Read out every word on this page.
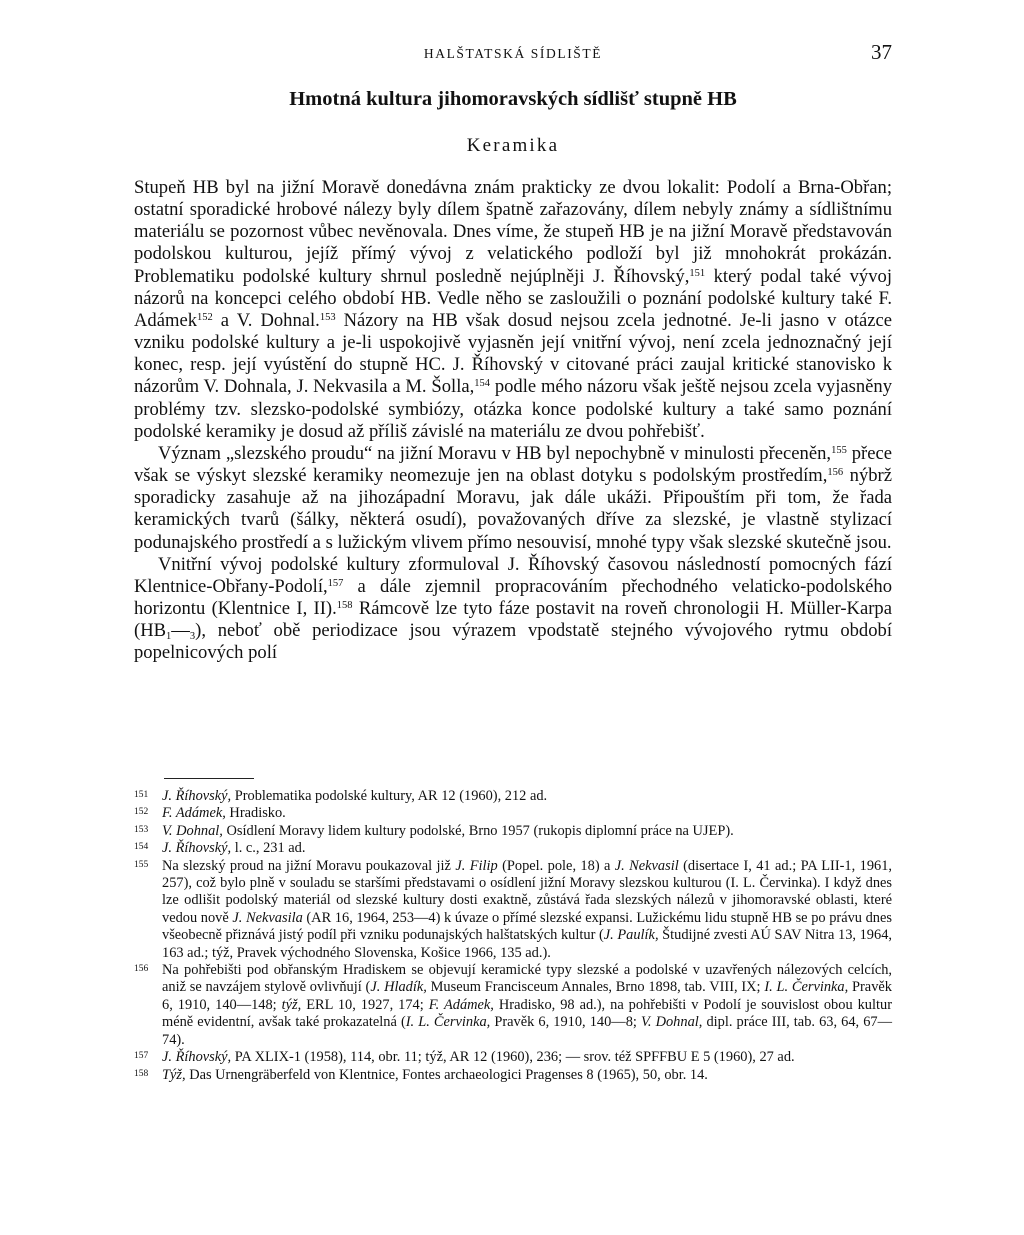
HALŠTATSKÁ SÍDLIŠTĚ	37
Hmotná kultura jihomoravských sídlišť stupně HB
Keramika

Stupeň HB byl na jižní Moravě donedávna znám prakticky ze dvou lokalit: Podolí a Brna-Obřan; ostatní sporadické hrobové nálezy byly dílem špatně zařazovány, dílem nebyly známy a sídlištnímu materiálu se pozornost vůbec nevěnovala. Dnes víme, že stupeň HB je na jižní Moravě představován podolskou kulturou, jejíž přímý vývoj z velatického podloží byl již mnohokrát prokázán. Problematiku podolské kultury shrnul posledně nejúplněji J. Říhovský,$^{151}$ který podal také vývoj názorů na koncepci celého období HB. Vedle něho se zasloužili o poznání podolské kultury také F. Adámek$^{152}$ a V. Dohnal.$^{153}$ Názory na HB však dosud nejsou zcela jednotné. Je-li jasno v otázce vzniku podolské kultury a je-li uspokojivě vyjasněn její vnitřní vývoj, není zcela jednoznačný její konec, resp. její vyústění do stupně HC. J. Říhovský v citované práci zaujal kritické stanovisko k názorům V. Dohnala, J. Nekvasila a M. Šolla,$^{154}$ podle mého názoru však ještě nejsou zcela vyjasněny problémy tzv. slezsko-podolské symbiózy, otázka konce podolské kultury a také samo poznání podolské keramiky je dosud až příliš závislé na materiálu ze dvou pohřebišť.

Význam „slezského proudu“ na jižní Moravu v HB byl nepochybně v minulosti přeceněn,$^{155}$ přece však se výskyt slezské keramiky neomezuje jen na oblast dotyku s podolským prostředím,$^{156}$ nýbrž sporadicky zasahuje až na jihozápadní Moravu, jak dále ukáži. Připouštím při tom, že řada keramických tvarů (šálky, některá osudí), považovaných dříve za slezské, je vlastně stylizací podunajského prostředí a s lužickým vlivem přímo nesouvisí, mnohé typy však slezské skutečně jsou.

Vnitřní vývoj podolské kultury zformuloval J. Říhovský časovou následností pomocných fází Klentnice-Obřany-Podolí,$^{157}$ a dále zjemnil propracováním přechodného velaticko-podolského horizontu (Klentnice I, II).$^{158}$ Rámcově lze tyto fáze postavit na roveň chronologii H. Müller-Karpa $(HB_1—_3)$, neboť obě periodizace jsou výrazem vpodstatě stejného vývojového rytmu období popelnicových polí

151 J. Říhovský, Problematika podolské kultury, AR 12 (1960), 212 ad.
152 F. Adámek, Hradisko.
153 V. Dohnal, Osídlení Moravy lidem kultury podolské, Brno 1957 (rukopis diplomní práce na UJEP).
154 J. Říhovský, l. c., 231 ad.
155 Na slezský proud na jižní Moravu poukazoval již J. Filip (Popel. pole, 18) a J. Nekvasil (disertace I, 41 ad.; PA LII-1, 1961, 257), což bylo plně v souladu se staršími představami o osídlení jižní Moravy slezskou kulturou (I. L. Červinka). I když dnes lze odlišit podolský materiál od slezské kultury dosti exaktně, zůstává řada slezských nálezů v jihomoravské oblasti, které vedou nově J. Nekvasila (AR 16, 1964, 253—4) k úvaze o přímé slezské expansi. Lužickému lidu stupně HB se po právu dnes všeobecně přiznává jistý podíl při vzniku podunajských halštatských kultur (J. Paulík, Študijné zvesti AÚ SAV Nitra 13, 1964, 163 ad.; týž, Pravek východného Slovenska, Košice 1966, 135 ad.).
156 Na pohřebišti pod obřanským Hradiskem se objevují keramické typy slezské a podolské v uzavřených nálezových celcích, aniž se navzájem stylově ovlivňují (J. Hladík, Museum Francisceum Annales, Brno 1898, tab. VIII, IX; I. L. Červinka, Pravěk 6, 1910, 140—148; týž, ERL 10, 1927, 174; F. Adámek, Hradisko, 98 ad.), na pohřebišti v Podolí je souvislost obou kultur méně evidentní, avšak také prokazatelná (I. L. Červinka, Pravěk 6, 1910, 140—8; V. Dohnal, dipl. práce III, tab. 63, 64, 67—74).
157 J. Říhovský, PA XLIX-1 (1958), 114, obr. 11; týž, AR 12 (1960), 236; — srov. též SPFFBU E 5 (1960), 27 ad.
158 Týž, Das Urnengräberfeld von Klentnice, Fontes archaeologici Pragenses 8 (1965), 50, obr. 14.
